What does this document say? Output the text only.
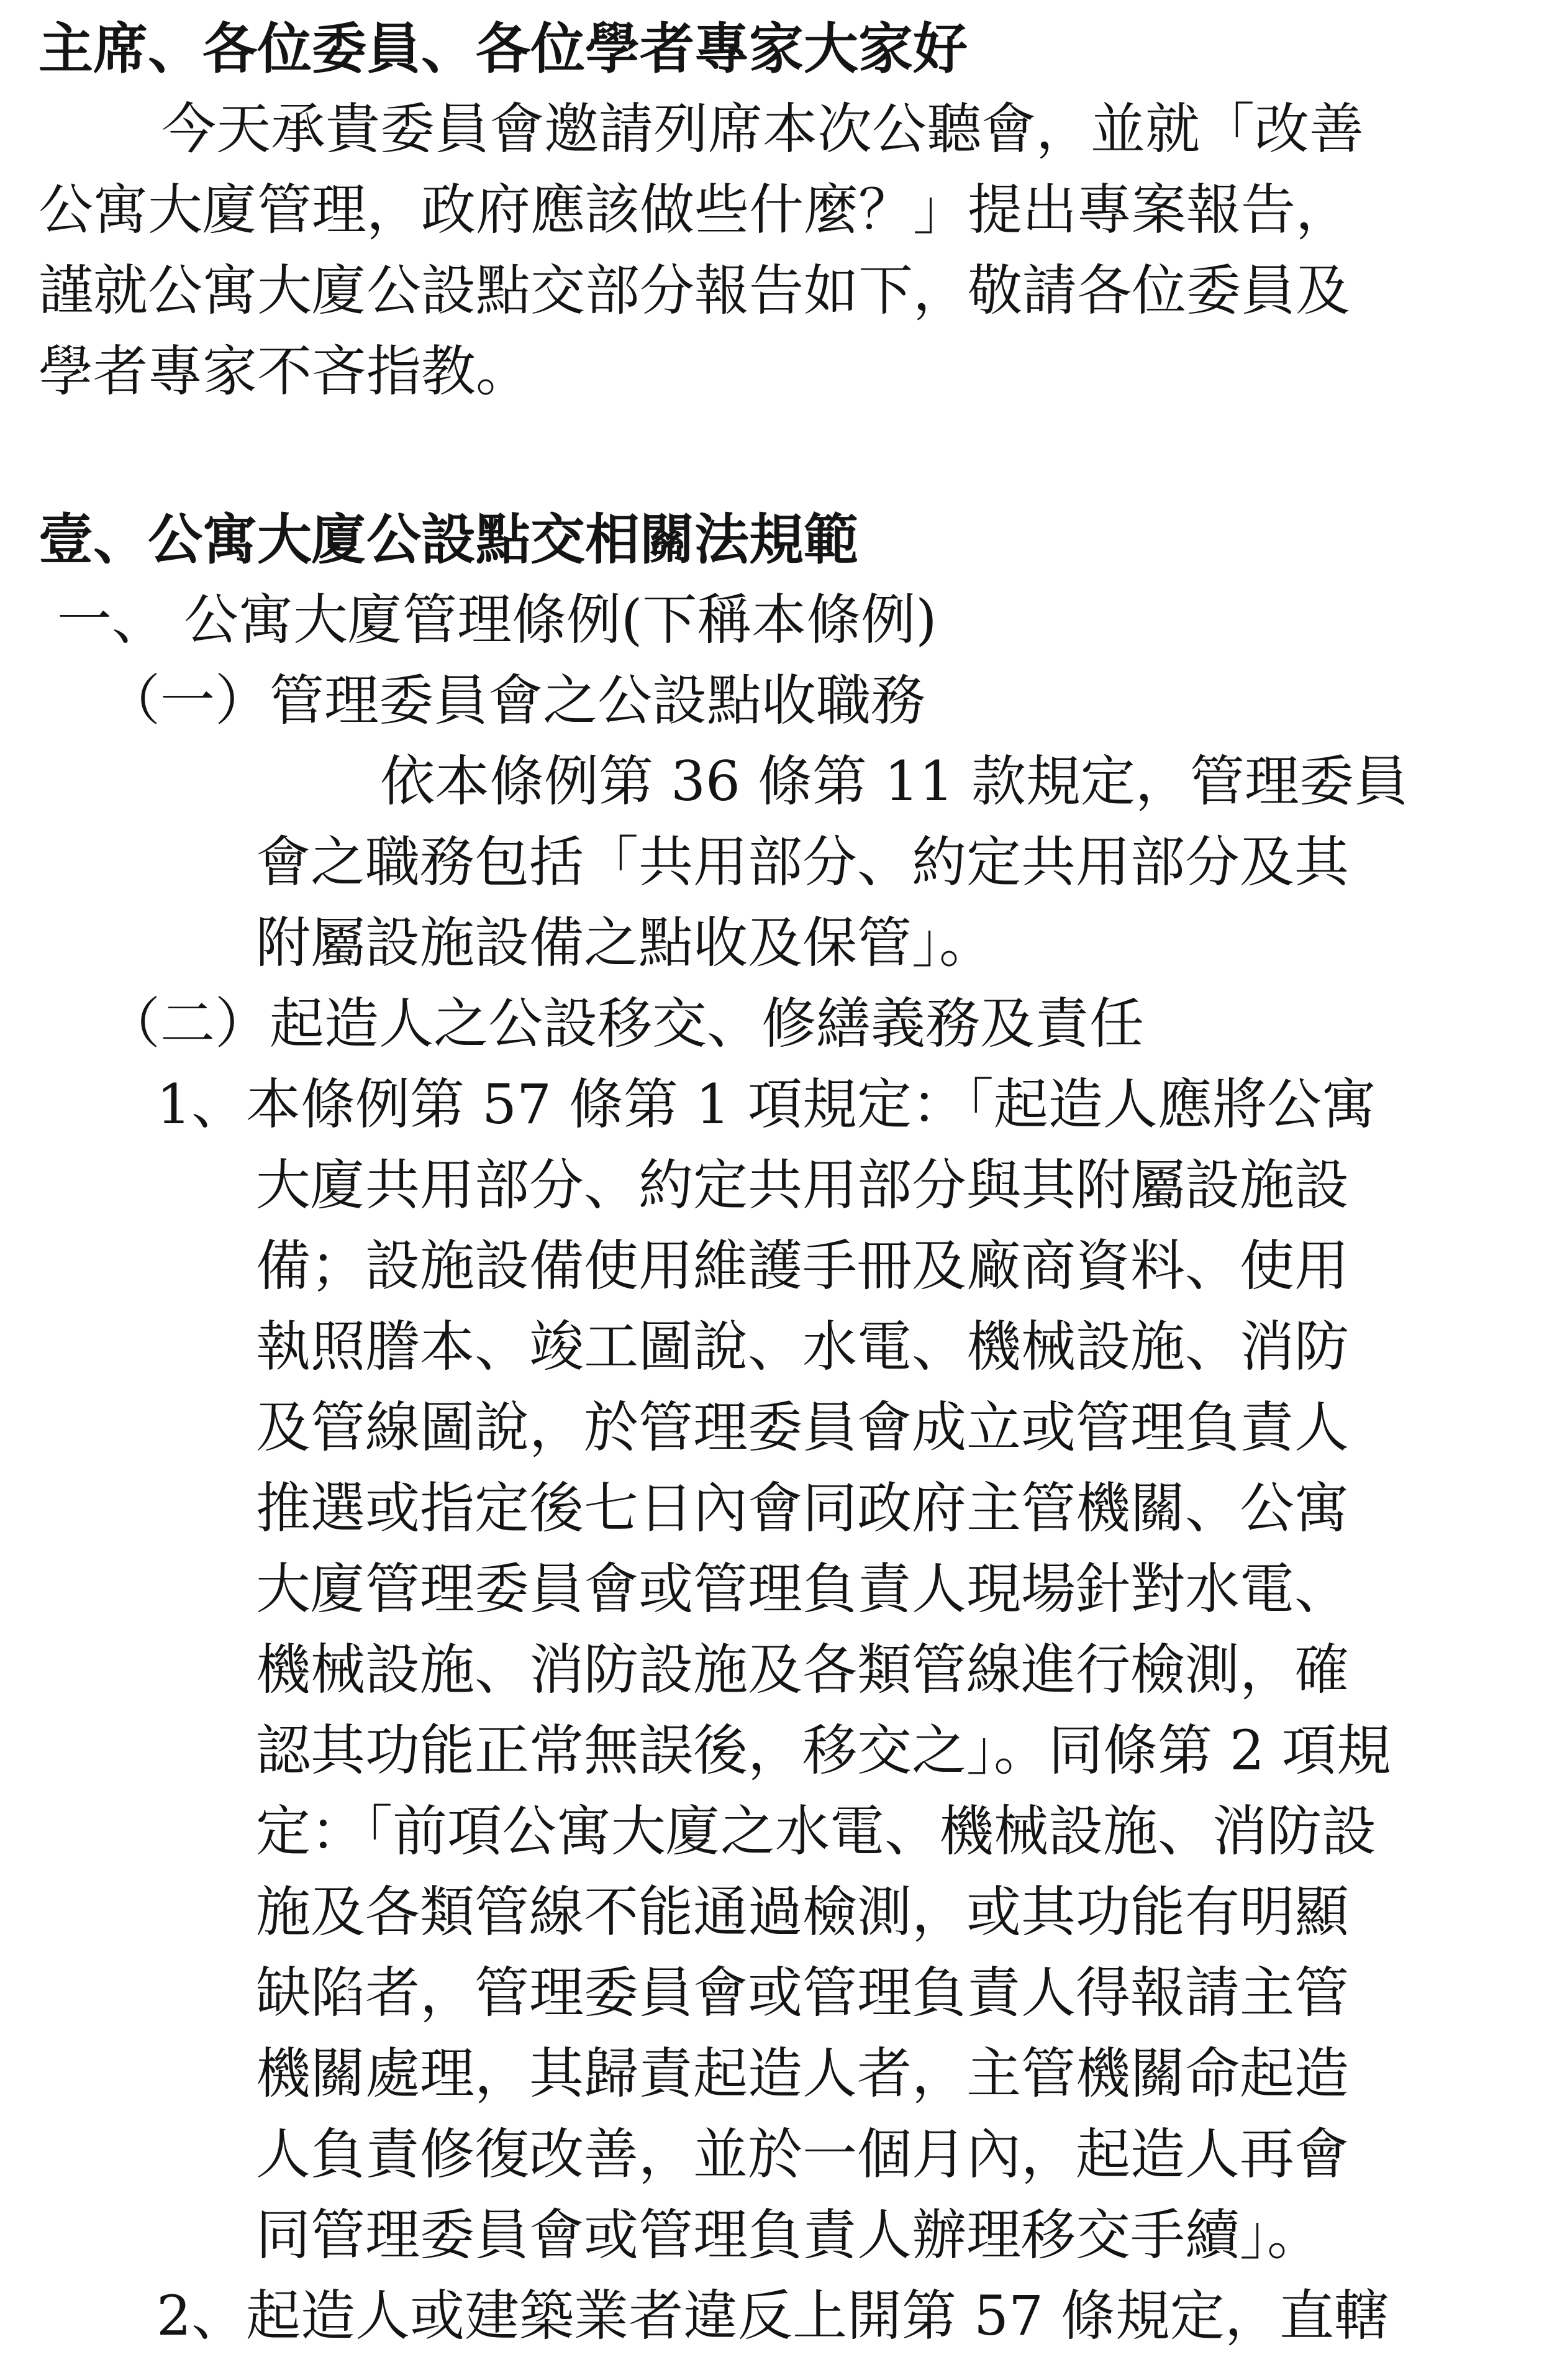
主席、各位委員、各位學者專家大家好
今天承貴委員會邀請列席本次公聽會，並就「改善
公寓大廈管理，政府應該做些什麼？」提出專案報告，
謹就公寓大廈公設點交部分報告如下，敬請各位委員及
學者專家不吝指教。
壹、公寓大廈公設點交相關法規範
一、 公寓大廈管理條例(下稱本條例)
（一）管理委員會之公設點收職務
依本條例第 36 條第 11 款規定，管理委員
會之職務包括「共用部分、約定共用部分及其
附屬設施設備之點收及保管」。
（二）起造人之公設移交、修繕義務及責任
1、本條例第 57 條第 1 項規定：「起造人應將公寓
大廈共用部分、約定共用部分與其附屬設施設
備；設施設備使用維護手冊及廠商資料、使用
執照謄本、竣工圖說、水電、機械設施、消防
及管線圖說，於管理委員會成立或管理負責人
推選或指定後七日內會同政府主管機關、公寓
大廈管理委員會或管理負責人現場針對水電、
機械設施、消防設施及各類管線進行檢測，確
認其功能正常無誤後，移交之」。同條第 2 項規
定：「前項公寓大廈之水電、機械設施、消防設
施及各類管線不能通過檢測，或其功能有明顯
缺陷者，管理委員會或管理負責人得報請主管
機關處理，其歸責起造人者，主管機關命起造
人負責修復改善，並於一個月內，起造人再會
同管理委員會或管理負責人辦理移交手續」。
2、起造人或建築業者違反上開第 57 條規定，直轄
